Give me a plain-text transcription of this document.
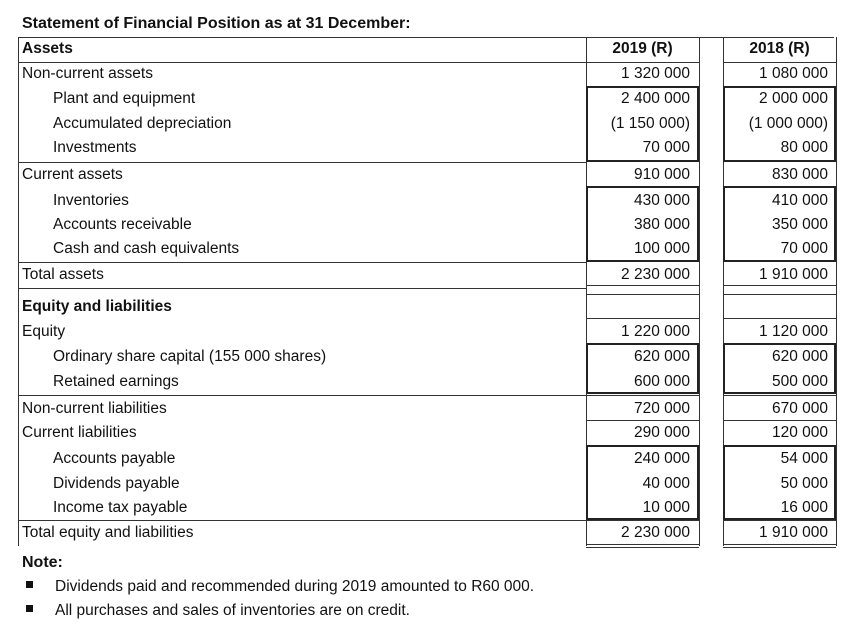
Statement of Financial Position as at 31 December:
Assets	2019 (R)	2018 (R)
Non-current assets
Plant and equipment
Accumulated depreciation
Investments
Current assets
Inventories
Accounts receivable
Cash and cash equivalents
Total assets
Equity and liabilities
Equity
Ordinary share capital (155 000 shares)
Retained earnings
Non-current liabilities
Current liabilities
Accounts payable
Dividends payable
Income tax payable
Total equity and liabilities
1 320 000
2 400 000
(1 150 000)
70 000
910 000
430 000
380 000
100 000
2 230 000
1 220 000
620 000
600 000
720 000
290 000
240 000
40 000
10 000
2 230 000
1 080 000
2 000 000
(1 000 000)
80 000
830 000
410 000
350 000
70 000
1 910 000
1 120 000
620 000
500 000
670 000
120 000
54 000
50 000
16 000
1 910 000
Note:
Dividends paid and recommended during 2019 amounted to R60 000.
All purchases and sales of inventories are on credit.
